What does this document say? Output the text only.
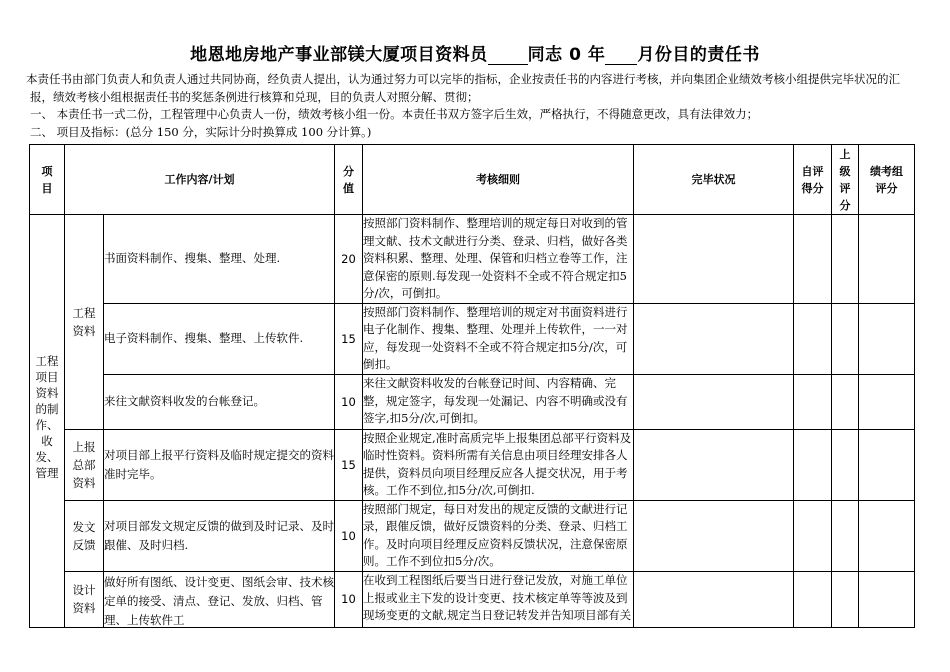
地恩地房地产事业部镁大厦项目资料员 同志 0 年 月份目的责任书

本责任书由部门负责人和负责人通过共同协商，经负责人提出，认为通过努力可以完毕的指标，企业按责任书的内容进行考核，并向集团企业绩效考核小组提供完毕状况的汇报，绩效考核小组根据责任书的奖惩条例进行核算和兑现，目的负责人对照分解、贯彻；

一、 本责任书一式二份，工程管理中心负责人一份，绩效考核小组一份。本责任书双方签字后生效，严格执行，不得随意更改，具有法律效力；

二、 项目及指标：(总分 150 分，实际计分时换算成 100 分计算。)

项目	工作内容/计划		分值	考核细则	完毕状况	自评得分	上级评分	绩考组评分

工程项目资料的制作、收发、管理	工程资料	书面资料制作、搜集、整理、处理.	20	按照部门资料制作、整理培训的规定每日对收到的管理文献、技术文献进行分类、登录、归档，做好各类资料积累、整理、处理、保管和归档立卷等工作，注意保密的原则.每发现一处资料不全或不符合规定扣5分/次，可倒扣。				
		电子资料制作、搜集、整理、上传软件.	15	按照部门资料制作、整理培训的规定对书面资料进行电子化制作、搜集、整理、处理并上传软件，一一对应，每发现一处资料不全或不符合规定扣5分/次，可倒扣。				
		来往文献资料收发的台帐登记。	10	来往文献资料收发的台帐登记时间、内容精确、完整，规定签字，每发现一处漏记、内容不明确或没有签字,扣5分/次,可倒扣。				

	上报总部资料	对项目部上报平行资料及临时规定提交的资料准时完毕。	15	按照企业规定,准时高质完毕上报集团总部平行资料及临时性资料。资料所需有关信息由项目经理安排各人提供，资料员向项目经理反应各人提交状况，用于考核。工作不到位,扣5分/次,可倒扣.				

	发文反馈	对项目部发文规定反馈的做到及时记录、及时跟催、及时归档.	10	按照部门规定，每日对发出的规定反馈的文献进行记录，跟催反馈，做好反馈资料的分类、登录、归档工作。及时向项目经理反应资料反馈状况，注意保密原则。工作不到位扣5分/次。				

	设计资料	做好所有图纸、设计变更、图纸会审、技术核定单的接受、清点、登记、发放、归档、管理、上传软件工	10	在收到工程图纸后要当日进行登记发放，对施工单位上报或业主下发的设计变更、技术核定单等等波及到现场变更的文献,规定当日登记转发并告知项目部有关				
